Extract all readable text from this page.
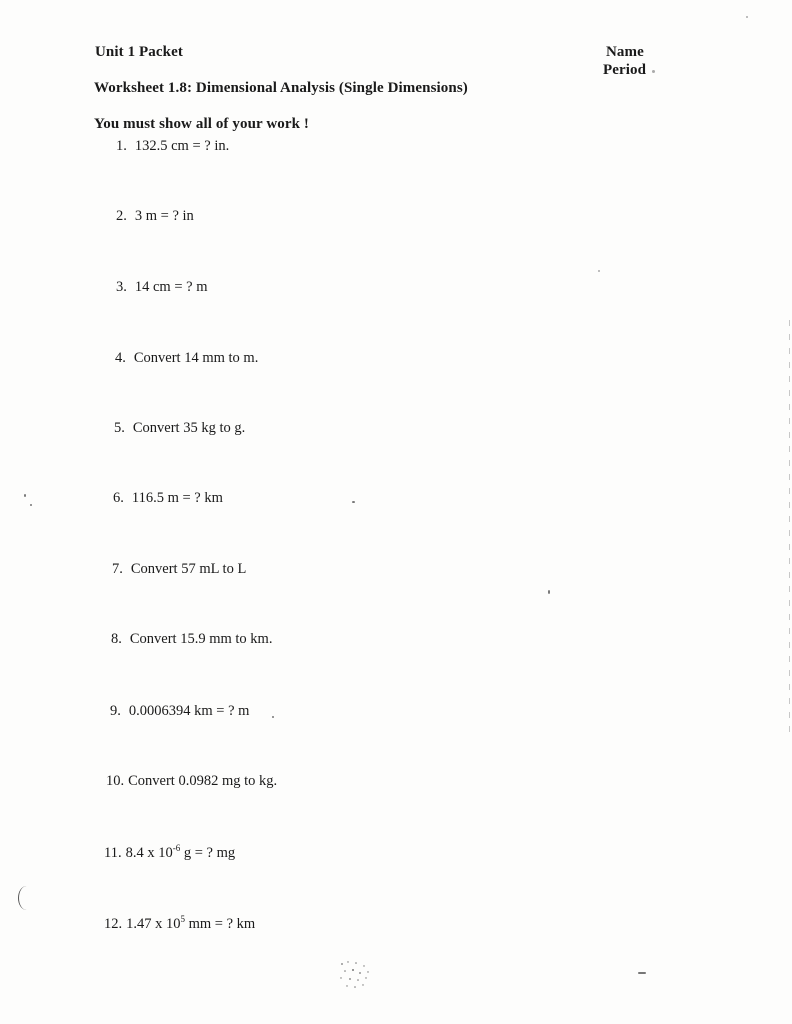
Unit 1 Packet	Name
Period
Worksheet 1.8: Dimensional Analysis (Single Dimensions)
You must show all of your work !
1. 132.5 cm = ? in.
2. 3 m = ? in
3. 14 cm = ? m
4. Convert 14 mm to m.
5. Convert 35 kg to g.
6. 116.5 m = ? km
7. Convert 57 mL to L
8. Convert 15.9 mm to km.
9. 0.0006394 km = ? m
10. Convert 0.0982 mg to kg.
11. 8.4 x $10^{-6}$ g = ? mg
12. 1.47 x $10^5$ mm = ? km
